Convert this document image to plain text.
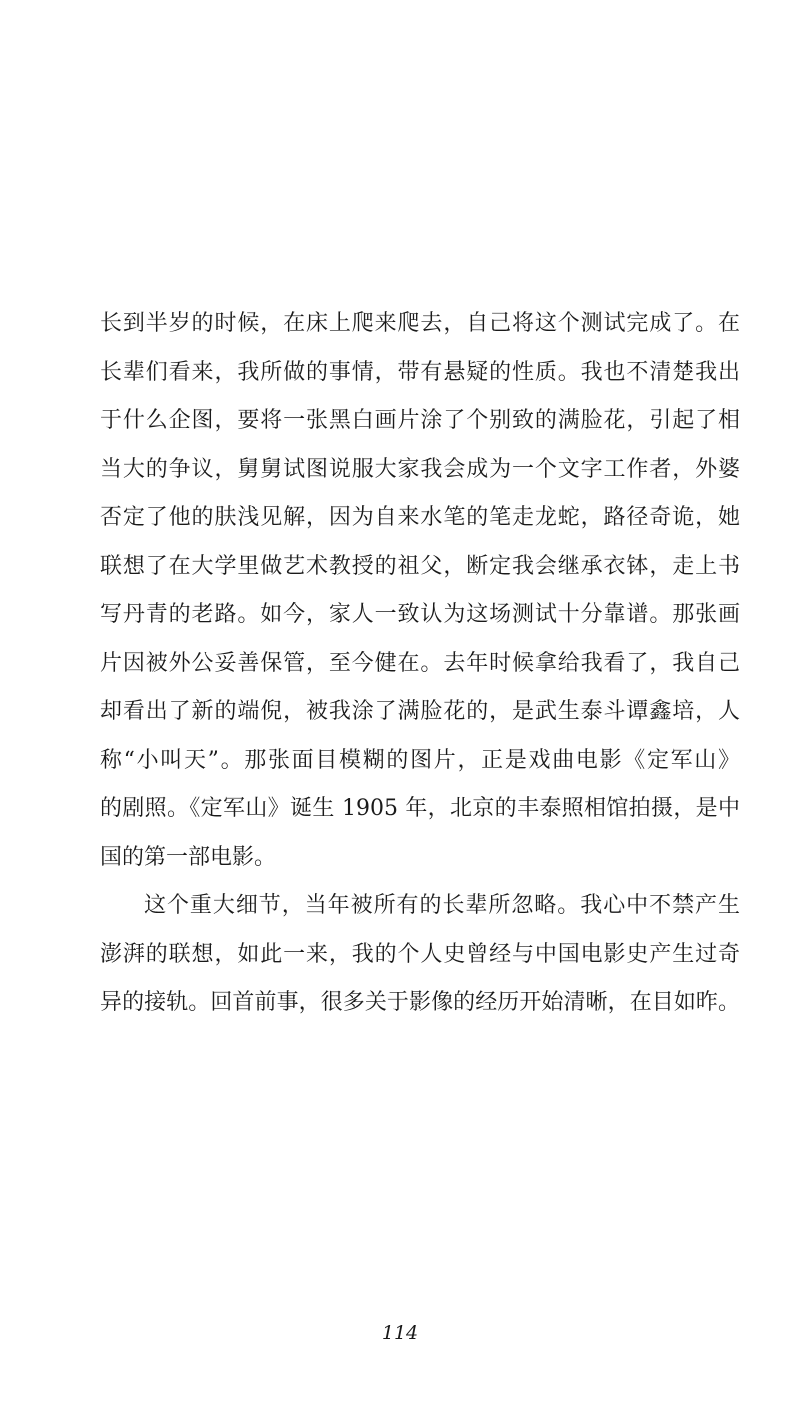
长到半岁的时候，在床上爬来爬去，自己将这个测试完成了。在
长辈们看来，我所做的事情，带有悬疑的性质。我也不清楚我出
于什么企图，要将一张黑白画片涂了个别致的满脸花，引起了相
当大的争议，舅舅试图说服大家我会成为一个文字工作者，外婆
否定了他的肤浅见解，因为自来水笔的笔走龙蛇，路径奇诡，她
联想了在大学里做艺术教授的祖父，断定我会继承衣钵，走上书
写丹青的老路。如今，家人一致认为这场测试十分靠谱。那张画
片因被外公妥善保管，至今健在。去年时候拿给我看了，我自己
却看出了新的端倪，被我涂了满脸花的，是武生泰斗谭鑫培，人
称“小叫天”。那张面目模糊的图片，正是戏曲电影《定军山》
的剧照。《定军山》诞生 1905 年，北京的丰泰照相馆拍摄，是中
国的第一部电影。
这个重大细节，当年被所有的长辈所忽略。我心中不禁产生
澎湃的联想，如此一来，我的个人史曾经与中国电影史产生过奇
异的接轨。回首前事，很多关于影像的经历开始清晰，在目如昨。
114
